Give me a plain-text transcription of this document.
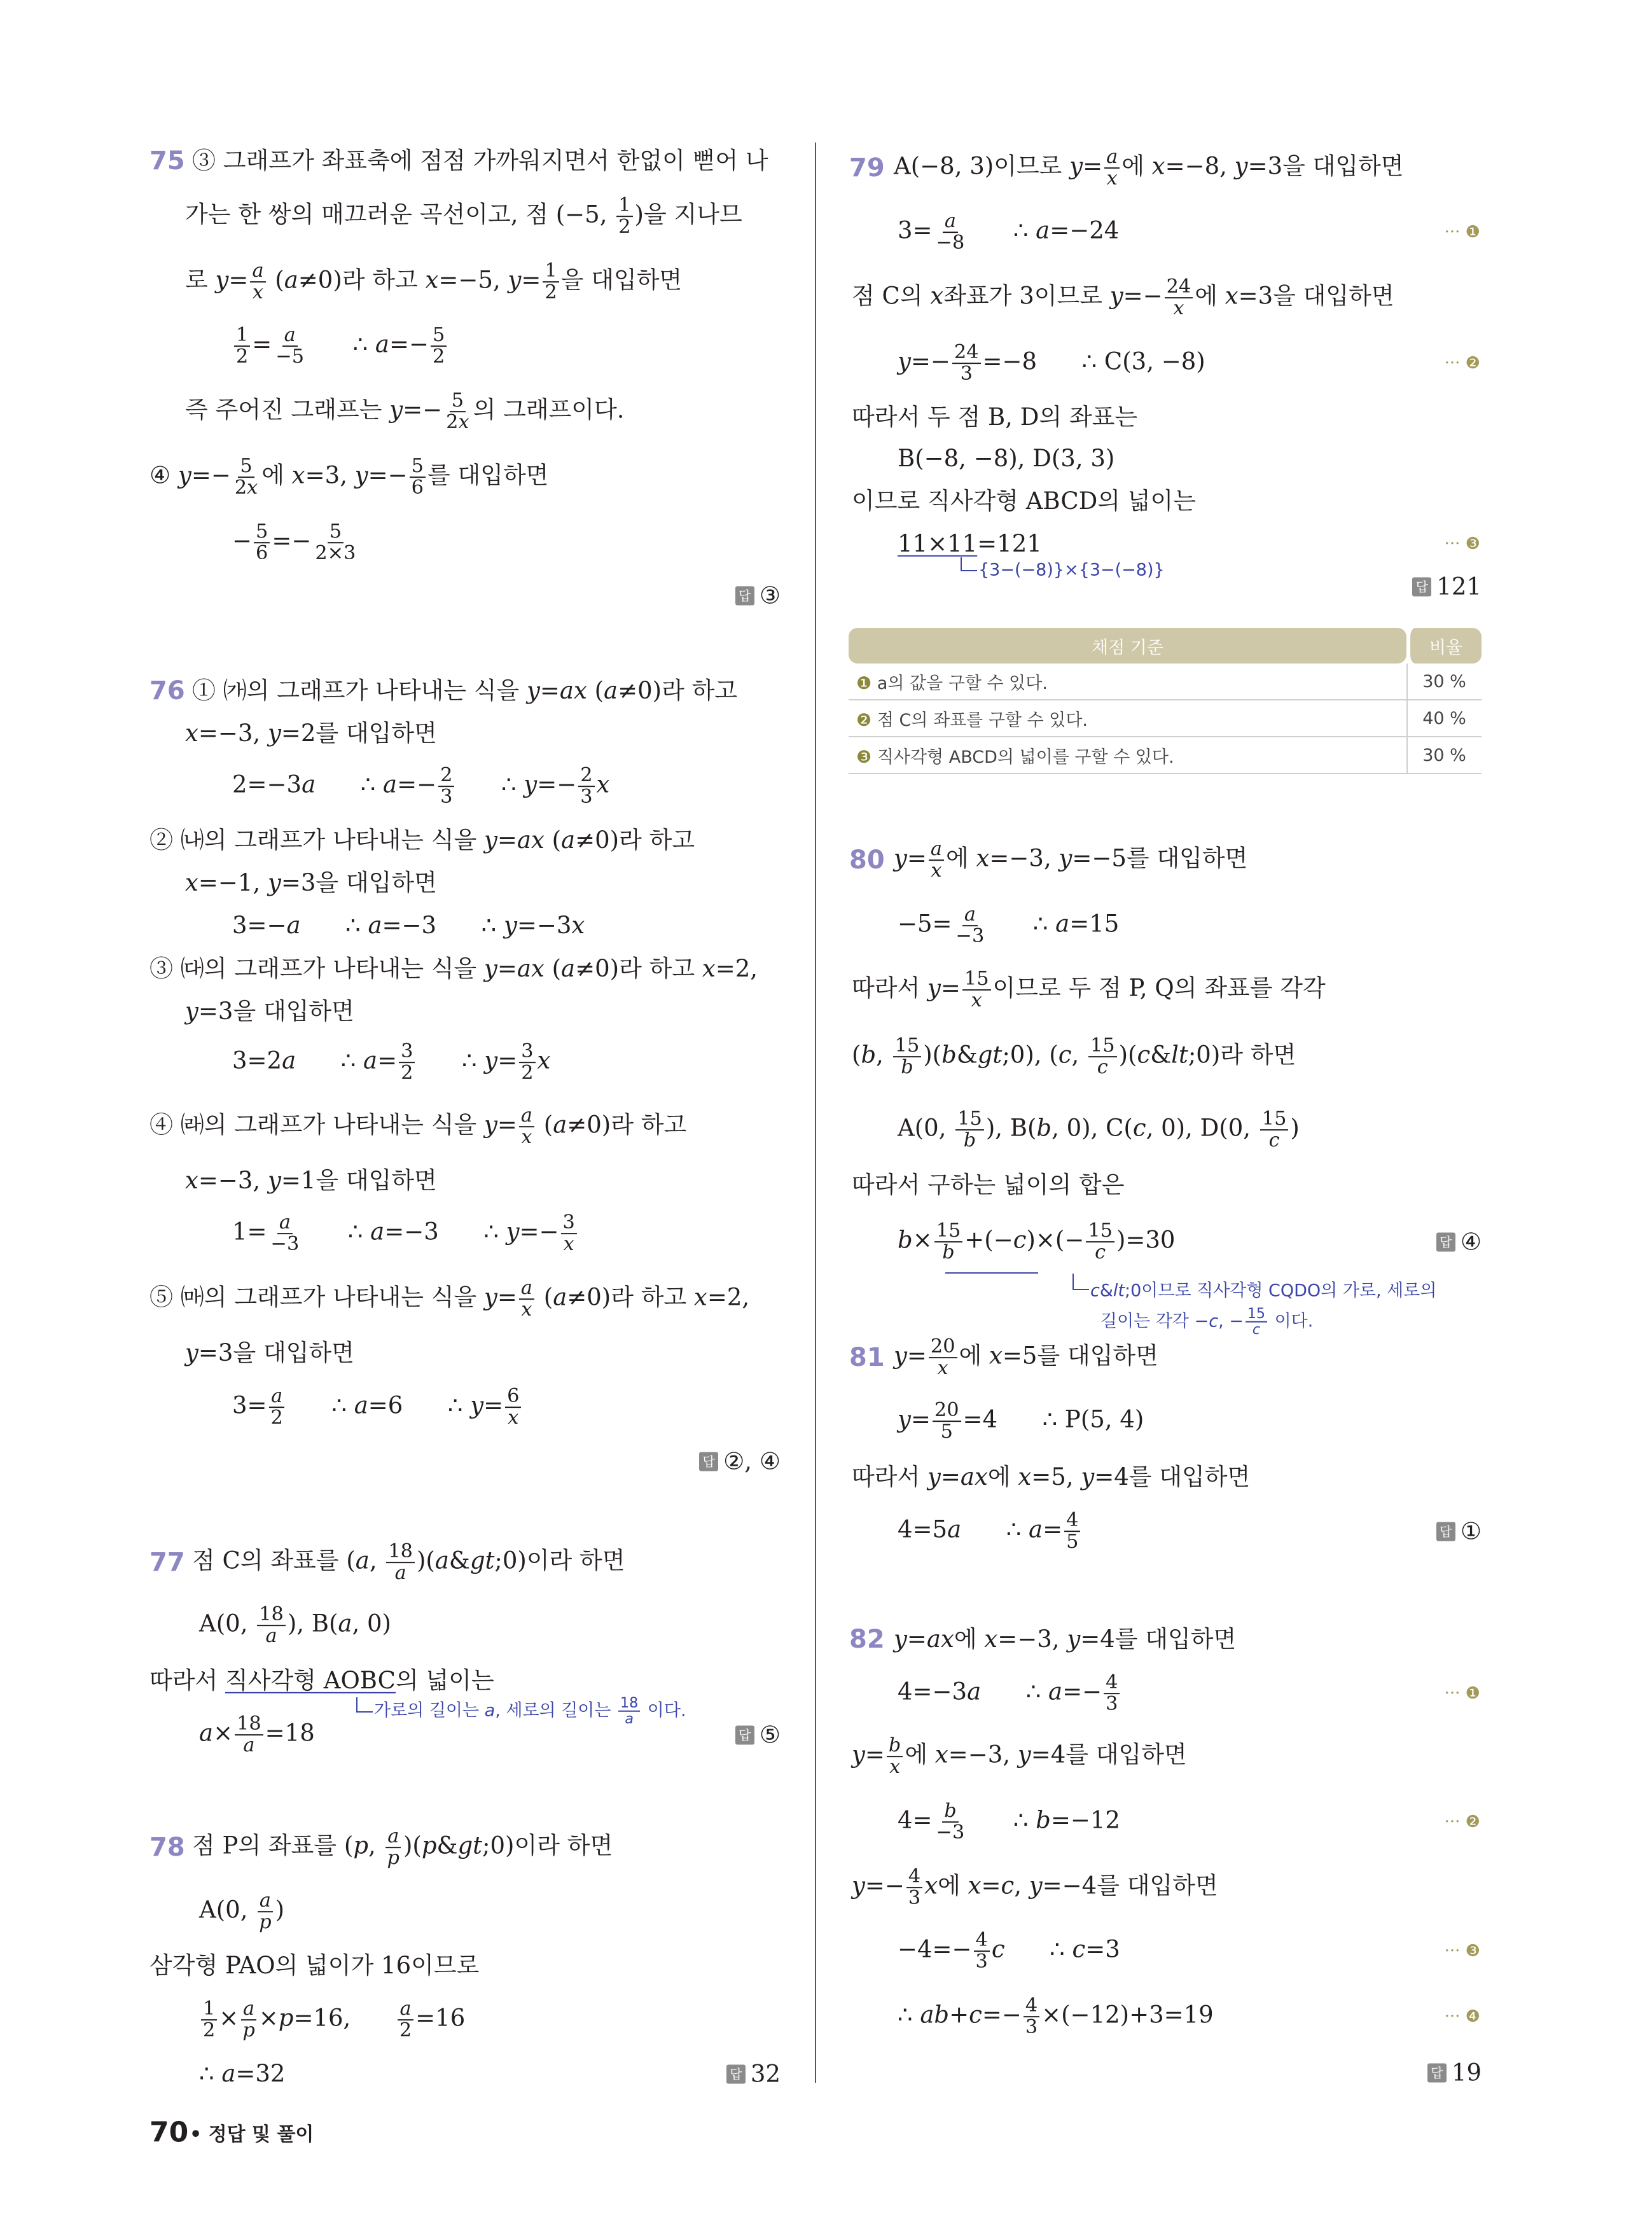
75 ③ 그래프가 좌표축에 점점 가까워지면서 한없이 뻗어 나
가는 한 쌍의 매끄러운 곡선이고, 점 (−5, $\frac{1}{2}$ )을 지나므
로 $y= \frac{a}{x} (a\ne 0)$라 하고 x=−5, $y= \frac{1}{2}$ 을 대입하면
$\frac{1}{2} = \frac{a}{-5}$ ∴ $a=- \frac{5}{2}$
즉 주어진 그래프는 $y=- \frac{5}{2x}$ 의 그래프이다.
④ $y=- \frac{5}{2x}$ 에 x=3, $y=- \frac{5}{6}$ 를 대입하면
− $\frac{5}{6} =- \frac{5}{2\times 3}$
답 ③
76 ① ㈎의 그래프가 나타내는 식을 y=ax (a≠0)라 하고
x=−3, y=2를 대입하면
2=−3a      ∴ $a=- \frac{2}{3}$ ∴ $y=- \frac{2}{3}$ x
② ㈏의 그래프가 나타내는 식을 y=ax (a≠0)라 하고
x=−1, y=3을 대입하면
3=−a      ∴ a=−3      ∴ y=−3x
③ ㈐의 그래프가 나타내는 식을 y=ax (a≠0)라 하고 x=2,
y=3을 대입하면
3=2a      ∴ $a= \frac{3}{2}$ ∴ $y= \frac{3}{2}$ x
④ ㈑의 그래프가 나타내는 식을 $y= \frac{a}{x} (a\ne 0)$라 하고
x=−3, y=1을 대입하면
$1= \frac{a}{-3}$ ∴ a=−3      ∴ $y=- \frac{3}{x}$
⑤ ㈒의 그래프가 나타내는 식을 $y= \frac{a}{x} (a\ne 0)$라 하고 x=2,
y=3을 대입하면
$3= \frac{a}{2}$ ∴ a=6      ∴ $y= \frac{6}{x}$
답 ②, ④
77 점 C의 좌표를 (a, $\frac{18}{a}$ )(a&gt;0)이라 하면
A(0, $\frac{18}{a}$ ), B(a, 0)
따라서 직사각형 AOBC의 넓이는
가로의 길이는 a, 세로의 길이는 $\frac{18}{a}$ 이다.
$a\times \frac{18}{a} =18$	답 ⑤
78 점 P의 좌표를 (p, $\frac{a}{p}$ )(p&gt;0)이라 하면
A(0, $\frac{a}{p}$ )
삼각형 PAO의 넓이가 16이므로
$\frac{1}{2} \times \frac{a}{p} \times p=16$, $\frac{a}{2} =16$
∴ a=32	답 32
79 A(−8, 3)이므로 $y= \frac{a}{x}$ 에 x=−8, y=3을 대입하면
$3= \frac{a}{-8}$ ∴ a=−24	··· ❶
점 C의 x좌표가 3이므로 $y=- \frac{24}{x}$ 에 x=3을 대입하면
$y=- \frac{24}{3} =-8$      ∴ C(3, −8)	··· ❷
따라서 두 점 B, D의 좌표는
B(−8, −8), D(3, 3)
이므로 직사각형 ABCD의 넓이는
11×11=121	··· ❸
{3−(−8)}×{3−(−8)}
답 121
채점 기준	비율
❶ a의 값을 구할 수 있다.	30 %
❷ 점 C의 좌표를 구할 수 있다.	40 %
❸ 직사각형 ABCD의 넓이를 구할 수 있다.	30 %
80 $y= \frac{a}{x}$ 에 x=−3, y=−5를 대입하면
$-5= \frac{a}{-3}$ ∴ a=15
따라서 $y= \frac{15}{x}$ 이므로 두 점 P, Q의 좌표를 각각
(b, $\frac{15}{b}$ )(b&gt;0), (c, $\frac{15}{c}$ )(c&lt;0)라 하면
A(0, $\frac{15}{b}$ ), B(b, 0), C(c, 0), D(0, $\frac{15}{c}$ )
따라서 구하는 넓이의 합은
$b\times \frac{15}{b} +(-c)\times(- \frac{15}{c} )=30$	답 ④
c&lt;0이므로 직사각형 CQDO의 가로, 세로의
길이는 각각 −c, − $\frac{15}{c}$ 이다.
81 $y= \frac{20}{x}$ 에 x=5를 대입하면
$y= \frac{20}{5} =4$      ∴ P(5, 4)
따라서 y=ax에 x=5, y=4를 대입하면
4=5a      ∴ $a= \frac{4}{5}$	답 ①
82 y=ax에 x=−3, y=4를 대입하면
4=−3a      ∴ $a=- \frac{4}{3}$	··· ❶
$y= \frac{b}{x}$ 에 x=−3, y=4를 대입하면
$4= \frac{b}{-3}$ ∴ b=−12	··· ❷
$y=- \frac{4}{3}$ x에 x=c, y=−4를 대입하면
$-4=- \frac{4}{3}$ c      ∴ c=3	··· ❸
∴ $ab+c=- \frac{4}{3} \times(-12)+3=19$	··· ❹
답 19
70 • 정답 및 풀이
